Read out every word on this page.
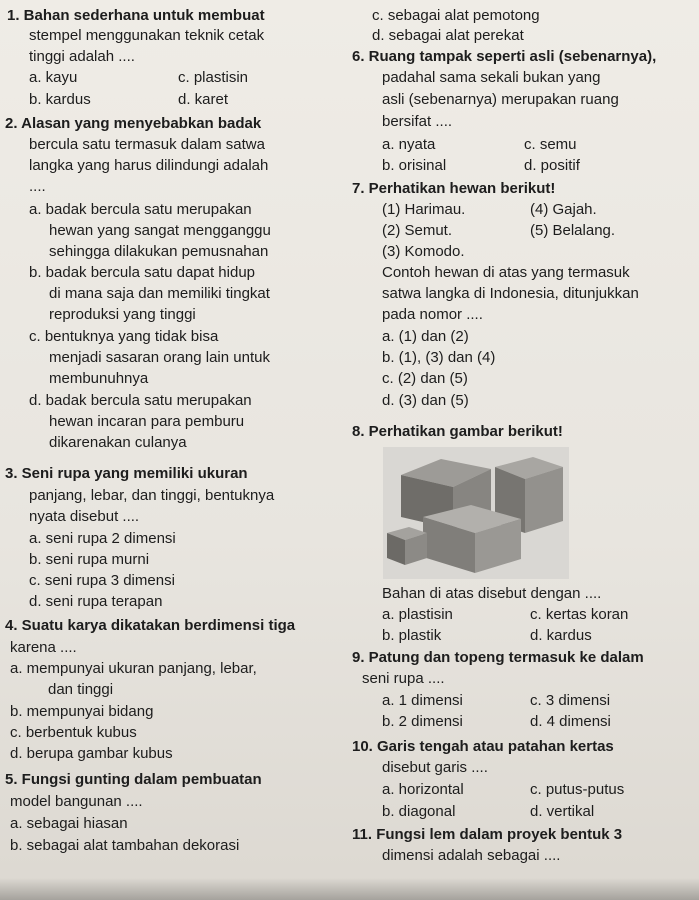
1. Bahan sederhana untuk membuat
stempel menggunakan teknik cetak
tinggi adalah ....
a. kayu	c. plastisin
b. kardus	d. karet
2. Alasan yang menyebabkan badak
bercula satu termasuk dalam satwa
langka yang harus dilindungi adalah
....
a. badak bercula satu merupakan
hewan yang sangat mengganggu
sehingga dilakukan pemusnahan
b. badak bercula satu dapat hidup
di mana saja dan memiliki tingkat
reproduksi yang tinggi
c. bentuknya yang tidak bisa
menjadi sasaran orang lain untuk
membunuhnya
d. badak bercula satu merupakan
hewan incaran para pemburu
dikarenakan culanya
3. Seni rupa yang memiliki ukuran
panjang, lebar, dan tinggi, bentuknya
nyata disebut ....
a. seni rupa 2 dimensi
b. seni rupa murni
c. seni rupa 3 dimensi
d. seni rupa terapan
4. Suatu karya dikatakan berdimensi tiga
karena ....
a. mempunyai ukuran panjang, lebar,
dan tinggi
b. mempunyai bidang
c. berbentuk kubus
d. berupa gambar kubus
5. Fungsi gunting dalam pembuatan
model bangunan ....
a. sebagai hiasan
b. sebagai alat tambahan dekorasi
c. sebagai alat pemotong
d. sebagai alat perekat
6. Ruang tampak seperti asli (sebenarnya),
padahal sama sekali bukan yang
asli (sebenarnya) merupakan ruang
bersifat ....
a. nyata	c. semu
b. orisinal	d. positif
7. Perhatikan hewan berikut!
(1) Harimau.	(4) Gajah.
(2) Semut.	(5) Belalang.
(3) Komodo.
Contoh hewan di atas yang termasuk
satwa langka di Indonesia, ditunjukkan
pada nomor ....
a. (1) dan (2)
b. (1), (3) dan (4)
c. (2) dan (5)
d. (3) dan (5)
8. Perhatikan gambar berikut!
Bahan di atas disebut dengan ....
a. plastisin	c. kertas koran
b. plastik	d. kardus
9. Patung dan topeng termasuk ke dalam
seni rupa ....
a. 1 dimensi	c. 3 dimensi
b. 2 dimensi	d. 4 dimensi
10. Garis tengah atau patahan kertas
disebut garis ....
a. horizontal	c. putus-putus
b. diagonal	d. vertikal
11. Fungsi lem dalam proyek bentuk 3
dimensi adalah sebagai ....
